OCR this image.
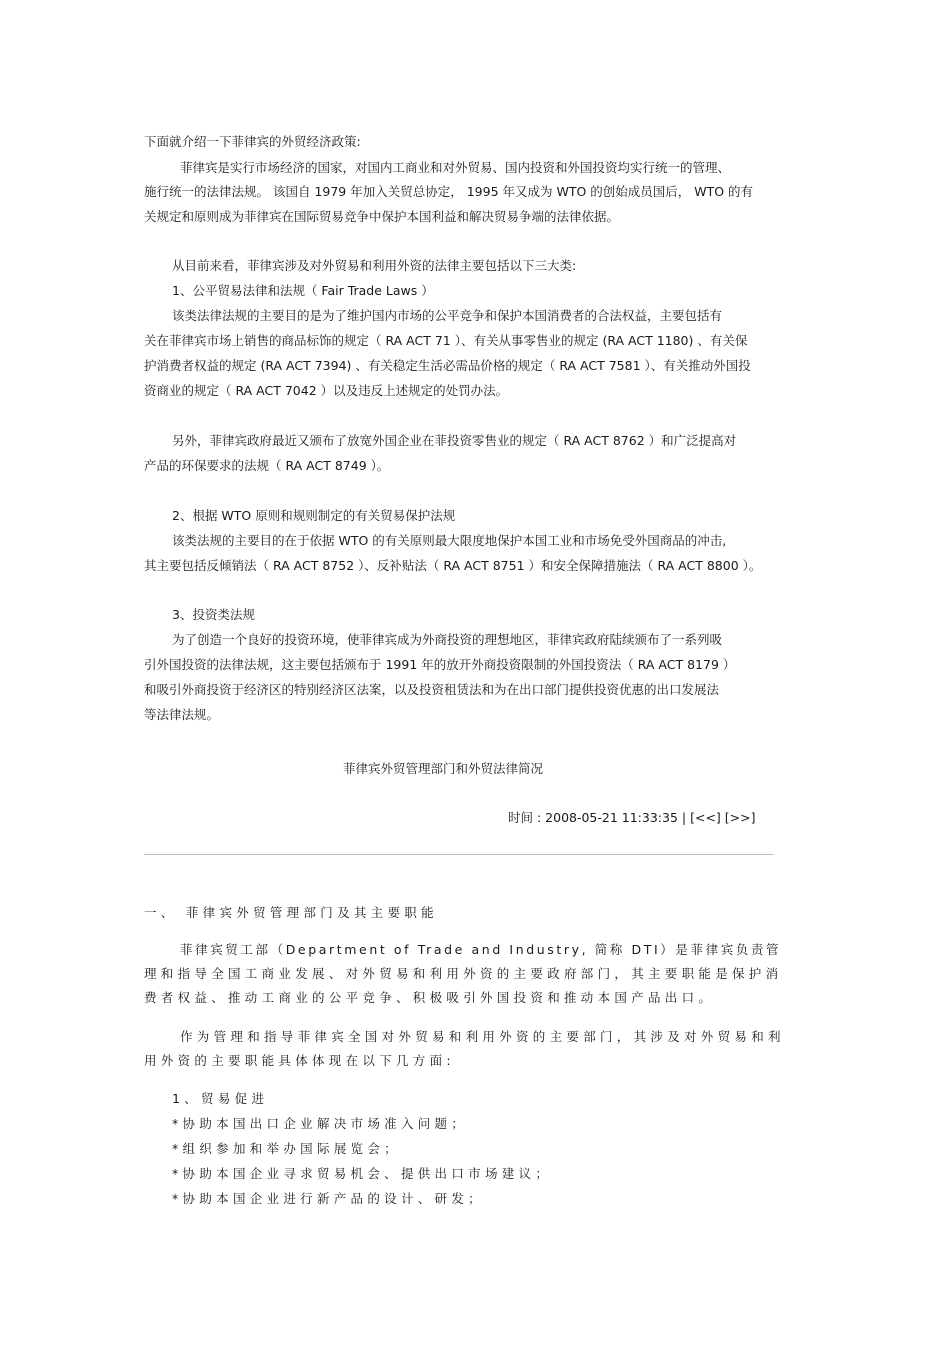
下面就介绍一下菲律宾的外贸经济政策:

菲律宾是实行市场经济的国家，对国内工商业和对外贸易、国内投资和外国投资均实行统一的管理、

施行统一的法律法规。 该国自 1979 年加入关贸总协定， 1995 年又成为 WTO 的创始成员国后， WTO 的有

关规定和原则成为菲律宾在国际贸易竞争中保护本国利益和解决贸易争端的法律依据。

从目前来看，菲律宾涉及对外贸易和利用外资的法律主要包括以下三大类:

1、公平贸易法律和法规（ Fair Trade Laws ）

该类法律法规的主要目的是为了维护国内市场的公平竞争和保护本国消费者的合法权益，主要包括有

关在菲律宾市场上销售的商品标饰的规定（ RA ACT 71 ）、有关从事零售业的规定 (RA ACT 1180) 、有关保

护消费者权益的规定 (RA ACT 7394) 、有关稳定生活必需品价格的规定（ RA ACT 7581 ）、有关推动外国投

资商业的规定（ RA ACT 7042 ）以及违反上述规定的处罚办法。

另外，菲律宾政府最近又颁布了放宽外国企业在菲投资零售业的规定（ RA ACT 8762 ）和广泛提高对

产品的环保要求的法规（ RA ACT 8749 ）。

2、根据 WTO 原则和规则制定的有关贸易保护法规

该类法规的主要目的在于依据 WTO 的有关原则最大限度地保护本国工业和市场免受外国商品的冲击,

其主要包括反倾销法（ RA ACT 8752 ）、反补贴法（ RA ACT 8751 ）和安全保障措施法（ RA ACT 8800 ）。

3、投资类法规

为了创造一个良好的投资环境，使菲律宾成为外商投资的理想地区，菲律宾政府陆续颁布了一系列吸

引外国投资的法律法规，这主要包括颁布于 1991 年的放开外商投资限制的外国投资法（ RA ACT 8179 ）

和吸引外商投资于经济区的特别经济区法案，以及投资租赁法和为在出口部门提供投资优惠的出口发展法

等法律法规。

菲律宾外贸管理部门和外贸法律简况

时间 : 2008-05-21 11:33:35 | [<<] [>>]

一、 菲律宾外贸管理部门及其主要职能

菲律宾贸工部（Department of Trade and Industry, 简称 DTI）是菲律宾负责管

理和指导全国工商业发展、对外贸易和利用外资的主要政府部门，其主要职能是保护消

费者权益、推动工商业的公平竞争、积极吸引外国投资和推动本国产品出口。

作为管理和指导菲律宾全国对外贸易和利用外资的主要部门，其涉及对外贸易和利

用外资的主要职能具体体现在以下几方面:

1、贸易促进

*协助本国出口企业解决市场准入问题；

*组织参加和举办国际展览会；

*协助本国企业寻求贸易机会、提供出口市场建议；

*协助本国企业进行新产品的设计、研发；
